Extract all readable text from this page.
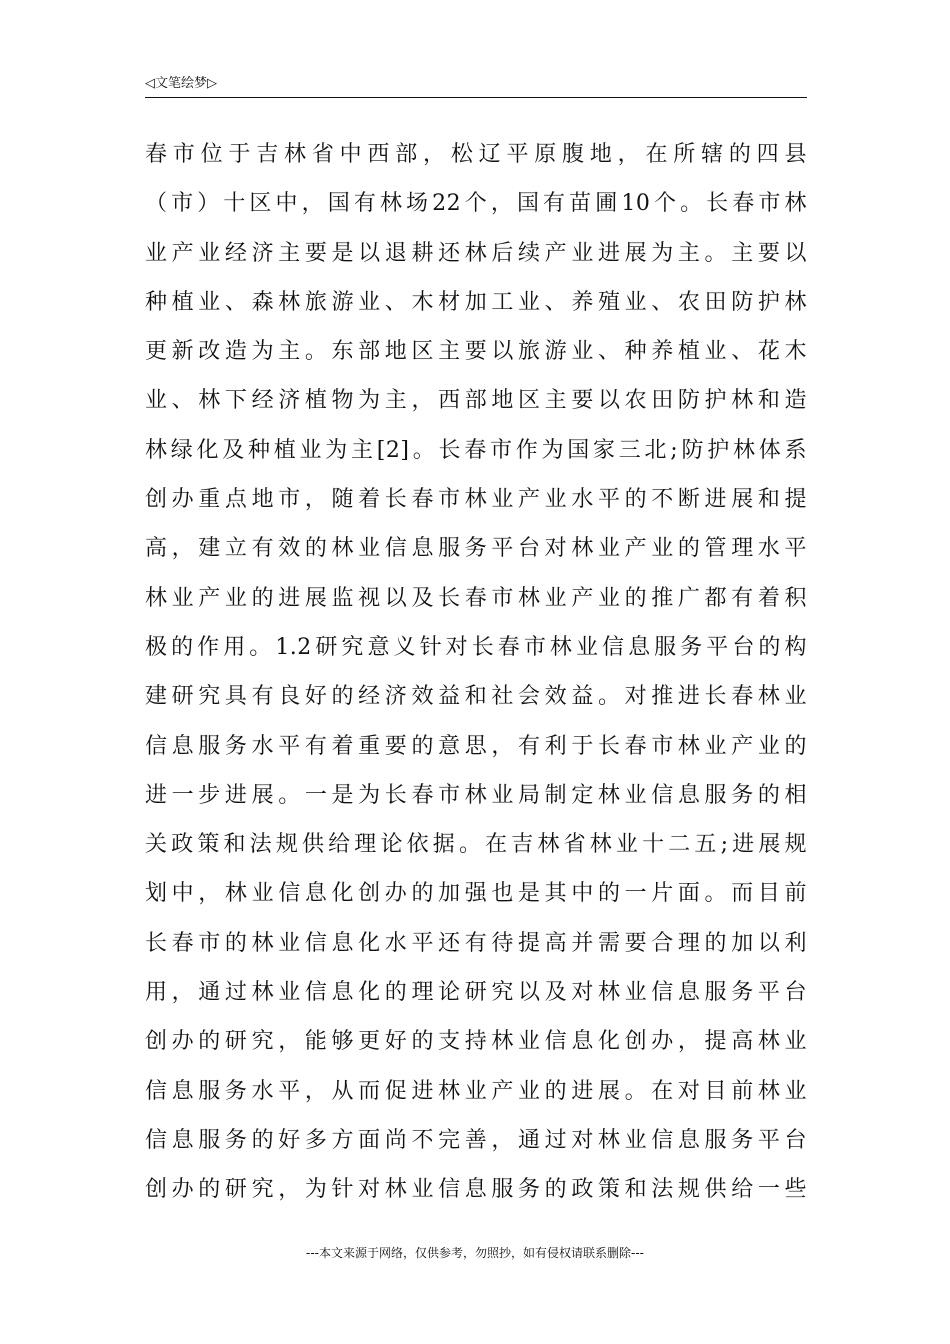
◁文笔绘梦▷
春市位于吉林省中西部，松辽平原腹地，在所辖的四县
（市）十区中，国有林场22个，国有苗圃10个。长春市林
业产业经济主要是以退耕还林后续产业进展为主。主要以
种植业、森林旅游业、木材加工业、养殖业、农田防护林
更新改造为主。东部地区主要以旅游业、种养植业、花木
业、林下经济植物为主，西部地区主要以农田防护林和造
林绿化及种植业为主[2]。长春市作为国家三北;防护林体系
创办重点地市，随着长春市林业产业水平的不断进展和提
高，建立有效的林业信息服务平台对林业产业的管理水平
林业产业的进展监视以及长春市林业产业的推广都有着积
极的作用。1.2研究意义针对长春市林业信息服务平台的构
建研究具有良好的经济效益和社会效益。对推进长春林业
信息服务水平有着重要的意思，有利于长春市林业产业的
进一步进展。一是为长春市林业局制定林业信息服务的相
关政策和法规供给理论依据。在吉林省林业十二五;进展规
划中，林业信息化创办的加强也是其中的一片面。而目前
长春市的林业信息化水平还有待提高并需要合理的加以利
用，通过林业信息化的理论研究以及对林业信息服务平台
创办的研究，能够更好的支持林业信息化创办，提高林业
信息服务水平，从而促进林业产业的进展。在对目前林业
信息服务的好多方面尚不完善，通过对林业信息服务平台
创办的研究，为针对林业信息服务的政策和法规供给一些
---本文来源于网络，仅供参考，勿照抄，如有侵权请联系删除---
